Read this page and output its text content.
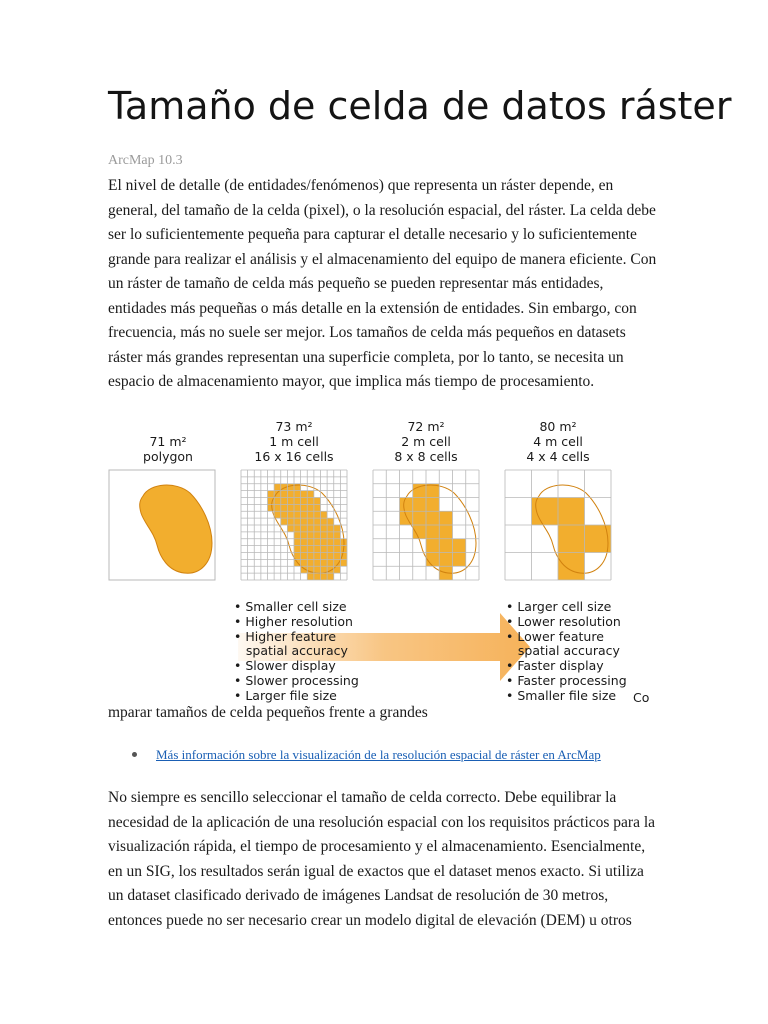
Tamaño de celda de datos ráster
ArcMap 10.3

El nivel de detalle (de entidades/fenómenos) que representa un ráster depende, en
general, del tamaño de la celda (pixel), o la resolución espacial, del ráster. La celda debe
ser lo suficientemente pequeña para capturar el detalle necesario y lo suficientemente
grande para realizar el análisis y el almacenamiento del equipo de manera eficiente. Con
un ráster de tamaño de celda más pequeño se pueden representar más entidades,
entidades más pequeñas o más detalle en la extensión de entidades. Sin embargo, con
frecuencia, más no suele ser mejor. Los tamaños de celda más pequeños en datasets
ráster más grandes representan una superficie completa, por lo tanto, se necesita un
espacio de almacenamiento mayor, que implica más tiempo de procesamiento.

71 m²
polygon
73 m²
1 m cell
16 x 16 cells
72 m²
2 m cell
8 x 8 cells
80 m²
4 m cell
4 x 4 cells
• Smaller cell size
• Higher resolution
• Higher feature
spatial accuracy
• Slower display
• Slower processing
• Larger file size
• Larger cell size
• Lower resolution
• Lower feature
spatial accuracy
• Faster display
• Faster processing
• Smaller file size Co
mparar tamaños de celda pequeños frente a grandes
Más información sobre la visualización de la resolución espacial de ráster en ArcMap

No siempre es sencillo seleccionar el tamaño de celda correcto. Debe equilibrar la
necesidad de la aplicación de una resolución espacial con los requisitos prácticos para la
visualización rápida, el tiempo de procesamiento y el almacenamiento. Esencialmente,
en un SIG, los resultados serán igual de exactos que el dataset menos exacto. Si utiliza
un dataset clasificado derivado de imágenes Landsat de resolución de 30 metros,
entonces puede no ser necesario crear un modelo digital de elevación (DEM) u otros
